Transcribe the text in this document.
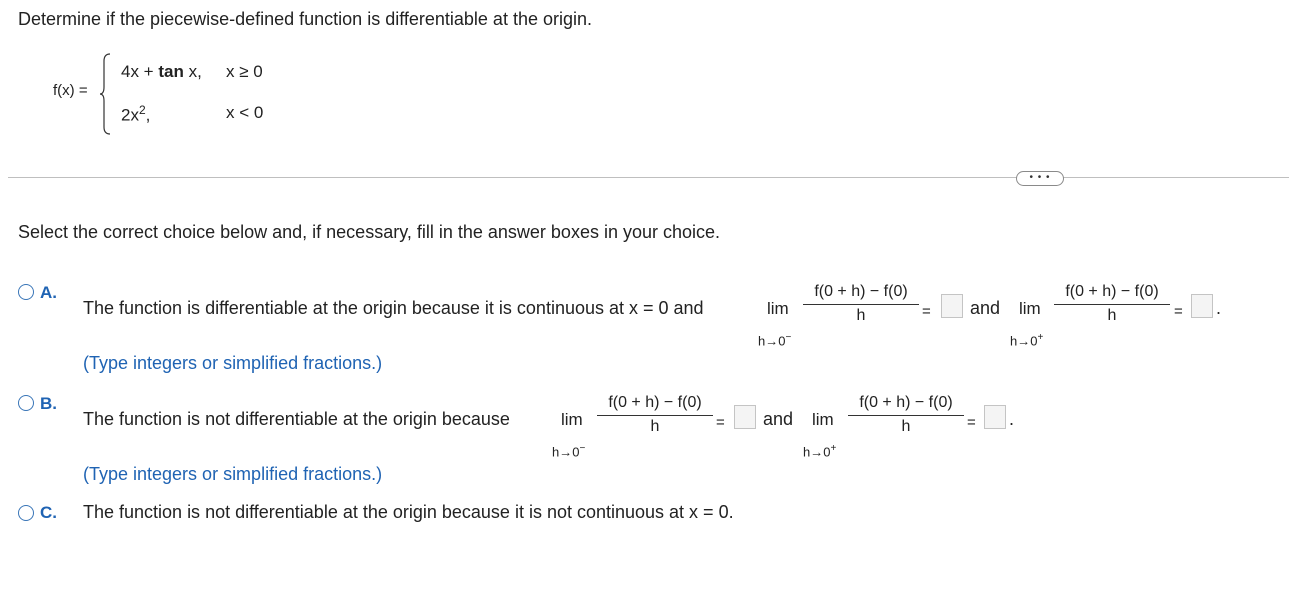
Determine if the piecewise-defined function is differentiable at the origin.
f(x) =
4x + tan x, x ≥ 0
$2x^2$,	x < 0
• • •
Select the correct choice below and, if necessary, fill in the answer boxes in your choice.
A.
The function is differentiable at the origin because it is continuous at x = 0 and	lim
h→0−
f(0 + h) − f(0)
h	= and lim
h→0+
f(0 + h) − f(0)
h	= .
(Type integers or simplified fractions.)
B.
The function is not differentiable at the origin because	lim
h→0−
f(0 + h) − f(0)
h	= and lim
h→0+
f(0 + h) − f(0)
h	= .
(Type integers or simplified fractions.)
C. The function is not differentiable at the origin because it is not continuous at x = 0.
